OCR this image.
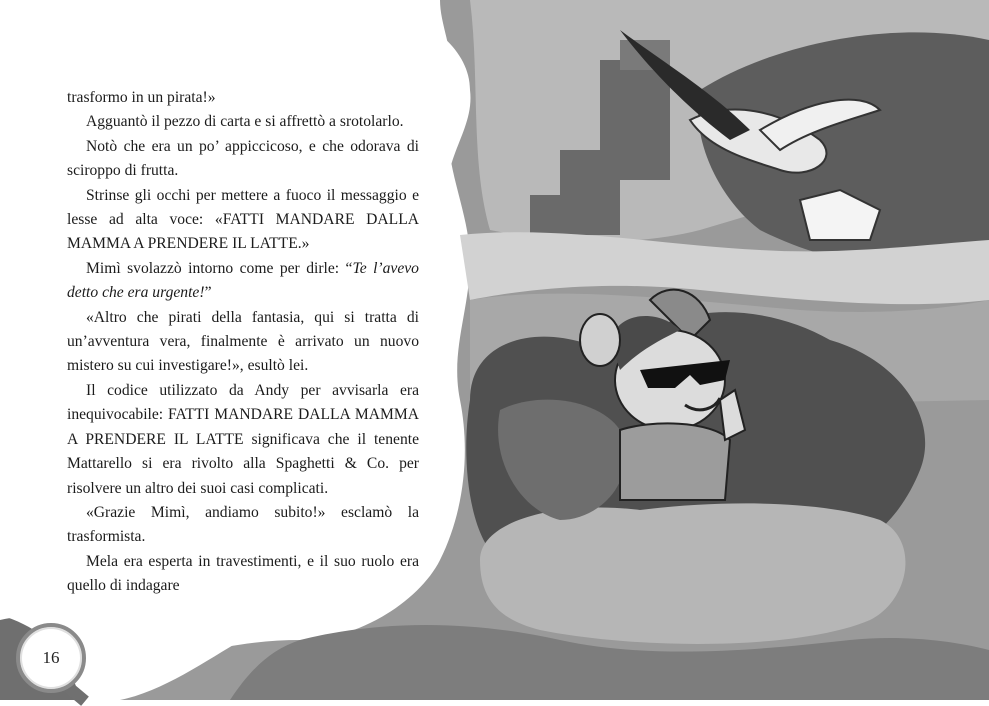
trasformo in un pirata!»

Agguantò il pezzo di carta e si affrettò a srotolarlo.

Notò che era un po’ appiccicoso, e che odorava di sciroppo di frutta.

Strinse gli occhi per mettere a fuoco il messaggio e lesse ad alta voce: «FATTI MANDARE DALLA MAMMA A PRENDERE IL LATTE.»

Mimì svolazzò intorno come per dirle: “Te l’avevo detto che era urgente!”

«Altro che pirati della fantasia, qui si tratta di un’avventura vera, finalmente è arrivato un nuovo mistero su cui investigare!», esultò lei.

Il codice utilizzato da Andy per avvisarla era inequivocabile: FATTI MANDARE DALLA MAMMA A PRENDERE IL LATTE significava che il tenente Mattarello si era rivolto alla Spaghetti & Co. per risolvere un altro dei suoi casi complicati.

«Grazie Mimì, andiamo subito!» esclamò la trasformista.

Mela era esperta in travestimenti, e il suo ruolo era quello di indagare

16
